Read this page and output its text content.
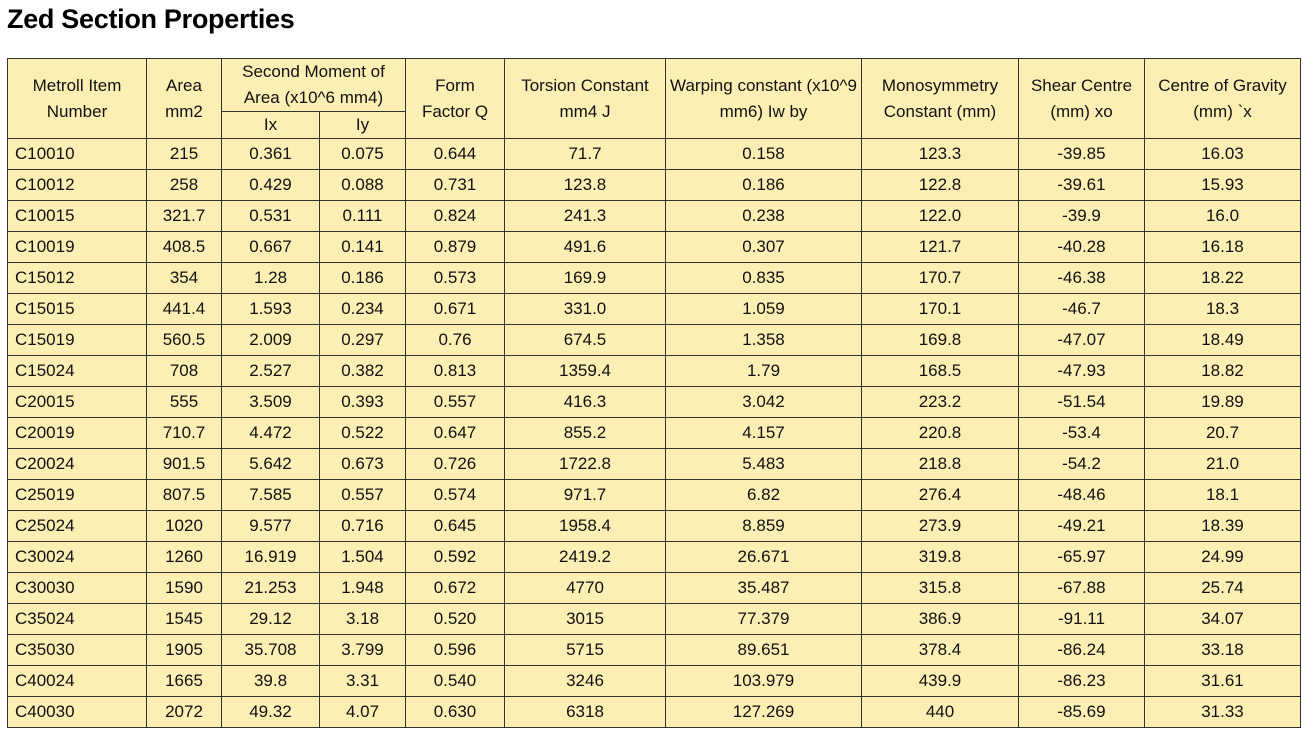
Zed Section Properties
Metroll Item Number	Area mm2	Second Moment of Area (x10^6 mm4)		Form Factor Q	Torsion Constant mm4 J	Warping constant (x10^9 mm6) Iw by	Monosymmetry Constant (mm)	Shear Centre (mm) xo	Centre of Gravity (mm) `x
		Ix	Iy						
C10010	215	0.361	0.075	0.644	71.7	0.158	123.3	-39.85	16.03
C10012	258	0.429	0.088	0.731	123.8	0.186	122.8	-39.61	15.93
C10015	321.7	0.531	0.111	0.824	241.3	0.238	122.0	-39.9	16.0
C10019	408.5	0.667	0.141	0.879	491.6	0.307	121.7	-40.28	16.18
C15012	354	1.28	0.186	0.573	169.9	0.835	170.7	-46.38	18.22
C15015	441.4	1.593	0.234	0.671	331.0	1.059	170.1	-46.7	18.3
C15019	560.5	2.009	0.297	0.76	674.5	1.358	169.8	-47.07	18.49
C15024	708	2.527	0.382	0.813	1359.4	1.79	168.5	-47.93	18.82
C20015	555	3.509	0.393	0.557	416.3	3.042	223.2	-51.54	19.89
C20019	710.7	4.472	0.522	0.647	855.2	4.157	220.8	-53.4	20.7
C20024	901.5	5.642	0.673	0.726	1722.8	5.483	218.8	-54.2	21.0
C25019	807.5	7.585	0.557	0.574	971.7	6.82	276.4	-48.46	18.1
C25024	1020	9.577	0.716	0.645	1958.4	8.859	273.9	-49.21	18.39
C30024	1260	16.919	1.504	0.592	2419.2	26.671	319.8	-65.97	24.99
C30030	1590	21.253	1.948	0.672	4770	35.487	315.8	-67.88	25.74
C35024	1545	29.12	3.18	0.520	3015	77.379	386.9	-91.11	34.07
C35030	1905	35.708	3.799	0.596	5715	89.651	378.4	-86.24	33.18
C40024	1665	39.8	3.31	0.540	3246	103.979	439.9	-86.23	31.61
C40030	2072	49.32	4.07	0.630	6318	127.269	440	-85.69	31.33
